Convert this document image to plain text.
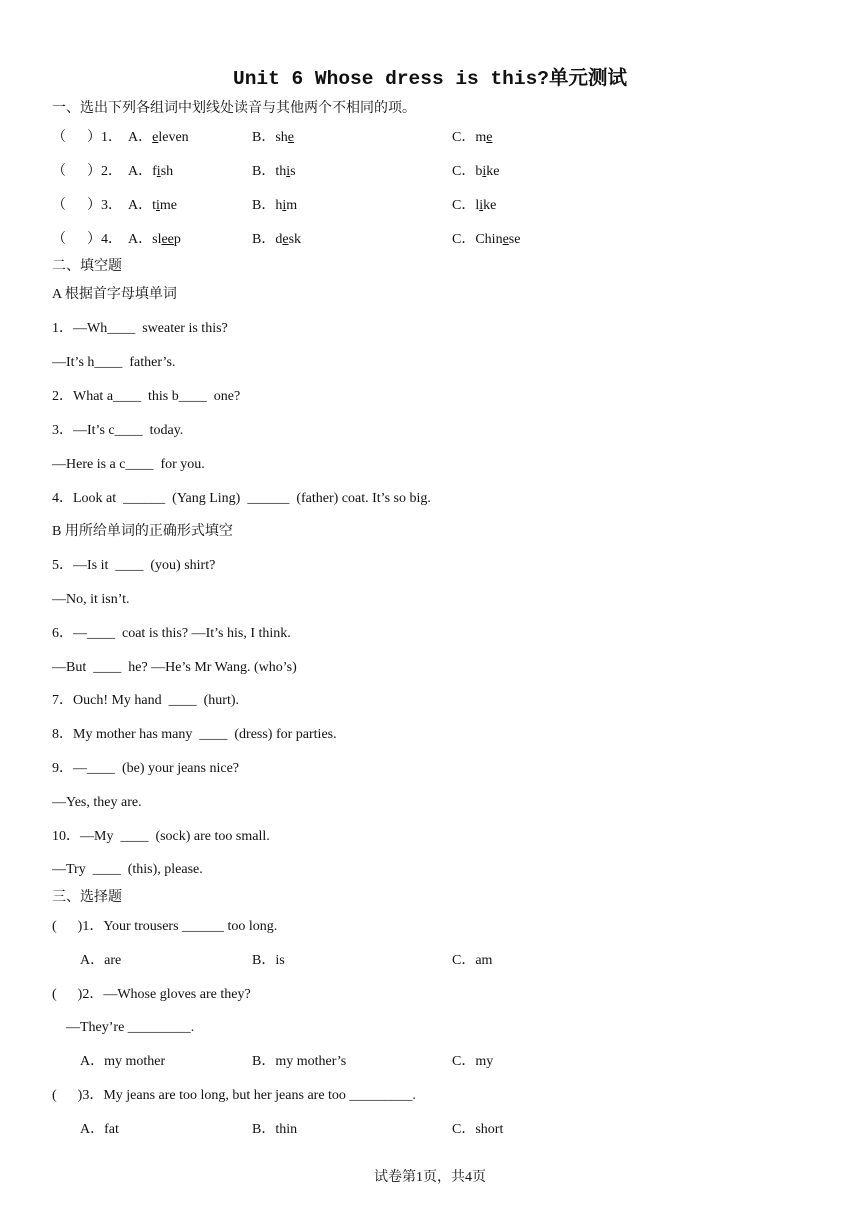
Unit 6 Whose dress is this?单元测试
一、选出下列各组词中划线处读音与其他两个不相同的项。
（　  ）1． A．eleven	B．she	C．me
（　  ）2． A．fish	B．this	C．bike
（　  ）3． A．time	B．him	C．like
（　  ）4． A．sleep	B．desk	C．Chinese
二、填空题
A 根据首字母填单词
1．—Wh____  sweater is this?
—It’s h____  father’s.
2．What a____  this b____  one?
3．—It’s c____  today.
—Here is a c____  for you.
4．Look at  ______  (Yang Ling)  ______  (father) coat. It’s so big.
B 用所给单词的正确形式填空
5．—Is it  ____  (you) shirt?
—No, it isn’t.
6．—____  coat is this? —It’s his, I think.
—But  ____  he? —He’s Mr Wang. (who’s)
7．Ouch! My hand  ____  (hurt).
8．My mother has many  ____  (dress) for parties.
9．—____  (be) your jeans nice?
—Yes, they are.
10．—My  ____  (sock) are too small.
—Try  ____  (this), please.
三、选择题
(　  )1．Your trousers ______ too long.
A．are	B．is	C．am
(　  )2．—Whose gloves are they?
—They’re _________.
A．my mother	B．my mother’s	C．my
(　  )3．My jeans are too long, but her jeans are too _________.
A．fat	B．thin	C．short
试卷第1页，共4页
